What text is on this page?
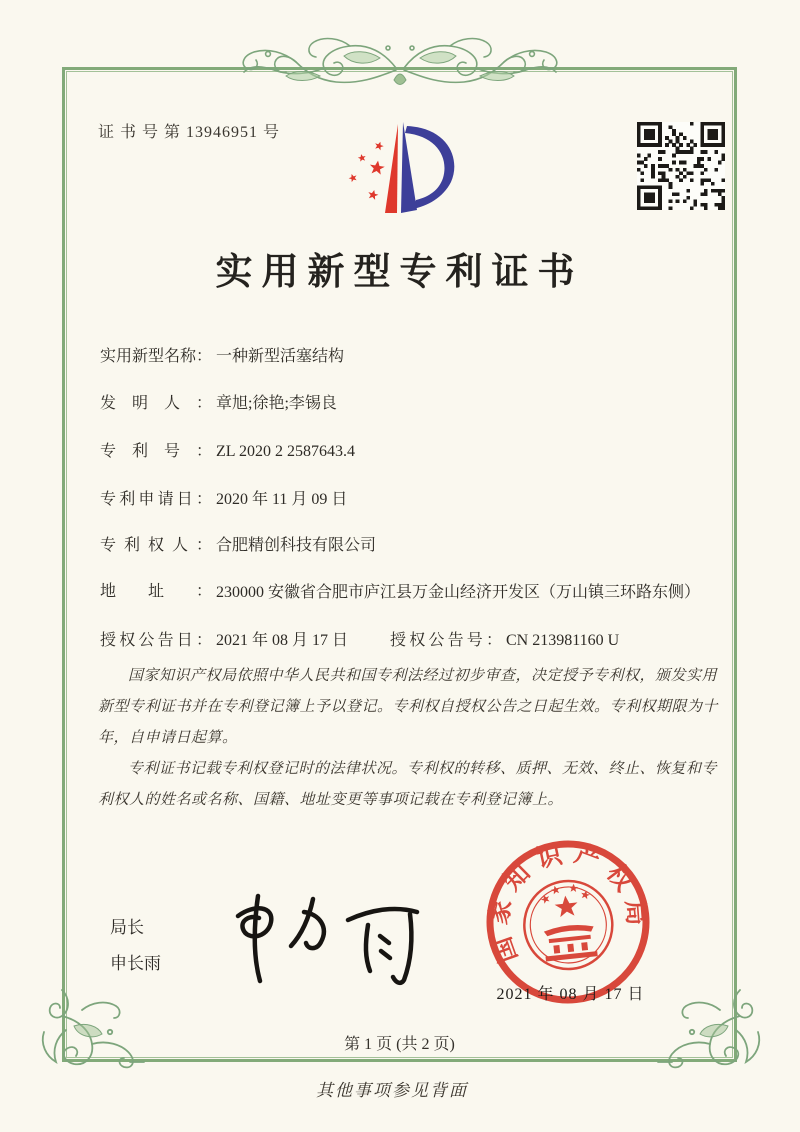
证 书 号 第 13946951 号
实用新型专利证书
实用新型名称： 一种新型活塞结构
发明人： 章旭;徐艳;李锡良
专利号： ZL 2020 2 2587643.4
专利申请日： 2020 年 11 月 09 日
专利权人： 合肥精创科技有限公司
地址： 230000 安徽省合肥市庐江县万金山经济开发区（万山镇三环路东侧）
授权公告日： 2021 年 08 月 17 日	授权公告号： CN 213981160 U

国家知识产权局依照中华人民共和国专利法经过初步审查，决定授予专利权，颁发实用新型专利证书并在专利登记簿上予以登记。专利权自授权公告之日起生效。专利权期限为十年，自申请日起算。

专利证书记载专利权登记时的法律状况。专利权的转移、质押、无效、终止、恢复和专利权人的姓名或名称、国籍、地址变更等事项记载在专利登记簿上。

局长
申长雨	国家知识产权局
2021 年 08 月 17 日
第 1 页 (共 2 页)
其他事项参见背面
